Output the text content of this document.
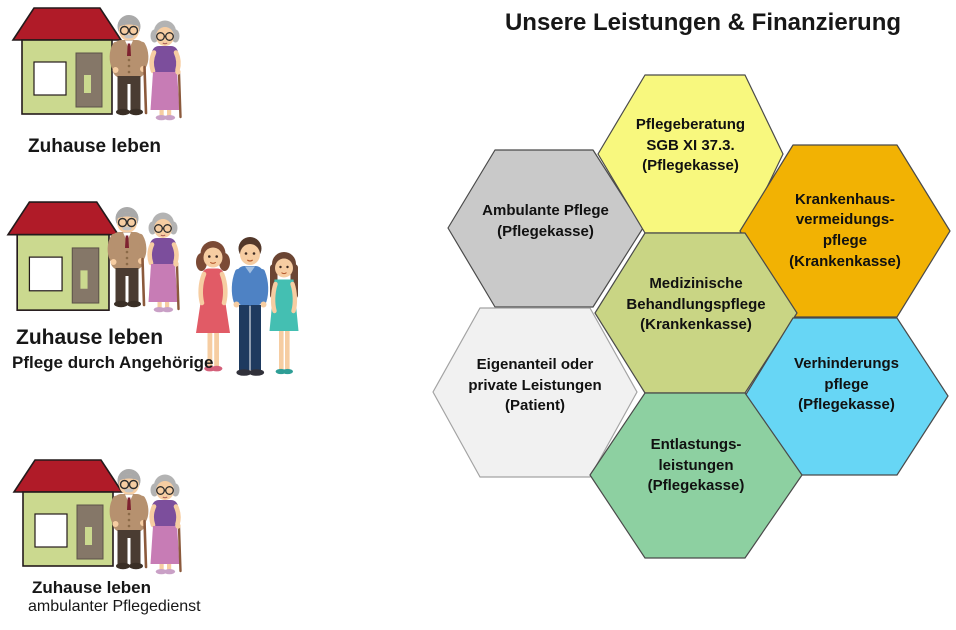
Unsere Leistungen & Finanzierung
Zuhause leben
Zuhause leben
Pflege durch Angehörige
Zuhause leben
ambulanter Pflegedienst
Pflegeberatung
SGB XI 37.3.
(Pflegekasse)
Ambulante Pflege
(Pflegekasse)
Krankenhaus-
vermeidungs-
pflege
(Krankenkasse)
Medizinische
Behandlungspflege
(Krankenkasse)
Eigenanteil oder
private Leistungen
(Patient)
Verhinderungs
pflege
(Pflegekasse)
Entlastungs-
leistungen
(Pflegekasse)
